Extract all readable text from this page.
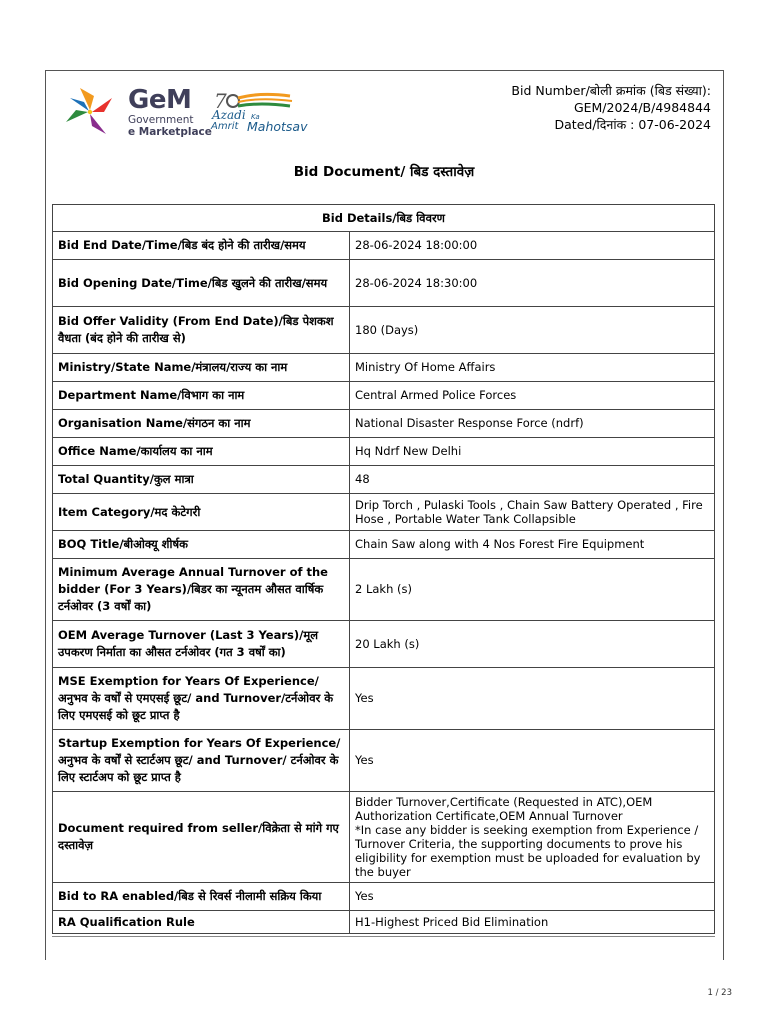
GeM
Government
e Marketplace
7
Azadi Ka
Amrit Mahotsav
Bid Number/बोली क्रमांक (बिड संख्या):
GEM/2024/B/4984844
Dated/दिनांक : 07-06-2024
Bid Document/ बिड दस्तावेज़
Bid Details/बिड विवरण	
Bid End Date/Time/बिड बंद होने की तारीख/समय	28-06-2024 18:00:00
Bid Opening Date/Time/बिड खुलने की तारीख/समय	28-06-2024 18:30:00
Bid Offer Validity (From End Date)/बिड पेशकश वैधता (बंद होने की तारीख से)	180 (Days)
Ministry/State Name/मंत्रालय/राज्य का नाम	Ministry Of Home Affairs
Department Name/विभाग का नाम	Central Armed Police Forces
Organisation Name/संगठन का नाम	National Disaster Response Force (ndrf)
Office Name/कार्यालय का नाम	Hq Ndrf New Delhi
Total Quantity/कुल मात्रा	48
Item Category/मद केटेगरी	Drip Torch , Pulaski Tools , Chain Saw Battery Operated , Fire Hose , Portable Water Tank Collapsible
BOQ Title/बीओक्यू शीर्षक	Chain Saw along with 4 Nos Forest Fire Equipment
Minimum Average Annual Turnover of the bidder (For 3 Years)/बिडर का न्यूनतम औसत वार्षिक टर्नओवर (3 वर्षों का)	2 Lakh (s)
OEM Average Turnover (Last 3 Years)/मूल उपकरण निर्माता का औसत टर्नओवर (गत 3 वर्षों का)	20 Lakh (s)
MSE Exemption for Years Of Experience/अनुभव के वर्षों से एमएसई छूट/ and Turnover/टर्नओवर के लिए एमएसई को छूट प्राप्त है	Yes
Startup Exemption for Years Of Experience/अनुभव के वर्षों से स्टार्टअप छूट/ and Turnover/ टर्नओवर के लिए स्टार्टअप को छूट प्राप्त है	Yes
Document required from seller/विक्रेता से मांगे गए दस्तावेज़	Bidder Turnover,Certificate (Requested in ATC),OEM Authorization Certificate,OEM Annual Turnover
*In case any bidder is seeking exemption from Experience / Turnover Criteria, the supporting documents to prove his eligibility for exemption must be uploaded for evaluation by the buyer
Bid to RA enabled/बिड से रिवर्स नीलामी सक्रिय किया	Yes
RA Qualification Rule	H1-Highest Priced Bid Elimination
1 / 23
